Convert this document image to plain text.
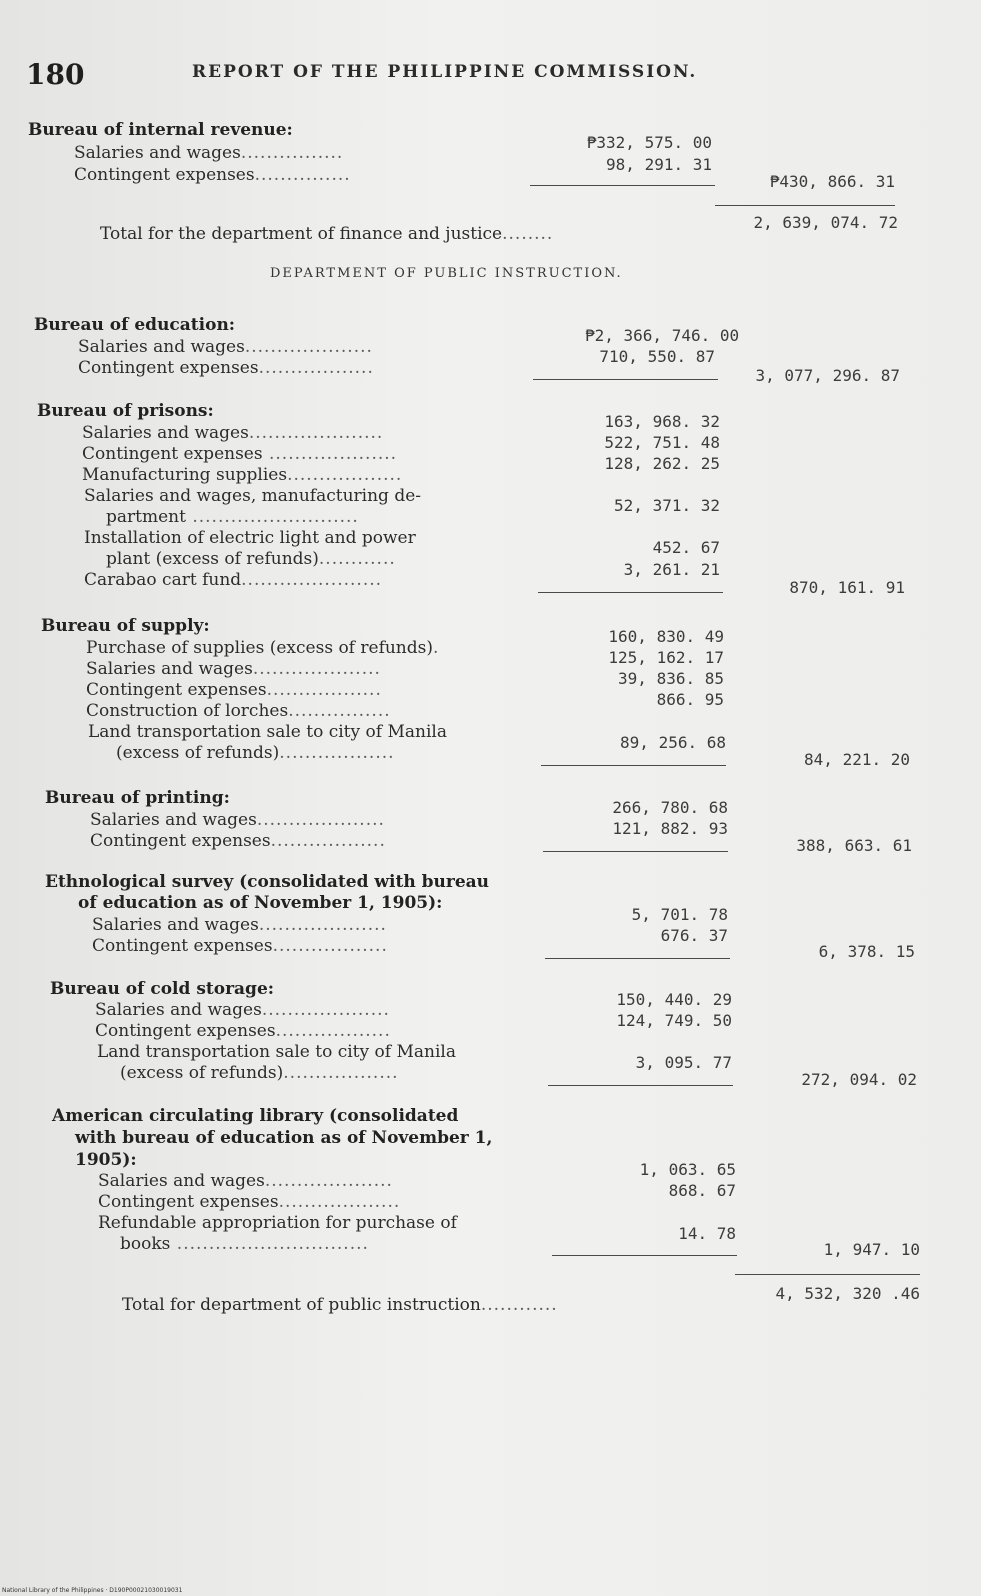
180	REPORT OF THE PHILIPPINE COMMISSION.
Bureau of internal revenue:
Salaries and wages................
₱332, 575. 00
Contingent expenses...............
98, 291. 31
₱430, 866. 31
Total for the department of finance and justice........
2, 639, 074. 72
DEPARTMENT OF PUBLIC INSTRUCTION.
Bureau of education:
Salaries and wages....................
₱2, 366, 746. 00
Contingent expenses..................
710, 550. 87
3, 077, 296. 87
Bureau of prisons:
Salaries and wages.....................
163, 968. 32
Contingent expenses ....................
522, 751. 48
Manufacturing supplies..................
128, 262. 25
Salaries and wages, manufacturing de-
partment ..........................
52, 371. 32
Installation of electric light and power
plant (excess of refunds)............
452. 67
Carabao cart fund......................
3, 261. 21
870, 161. 91
Bureau of supply:
Purchase of supplies (excess of refunds).
160, 830. 49
Salaries and wages....................
125, 162. 17
Contingent expenses..................
39, 836. 85
Construction of lorches................
866. 95
Land transportation sale to city of Manila
(excess of refunds)..................
89, 256. 68
84, 221. 20
Bureau of printing:
Salaries and wages....................
266, 780. 68
Contingent expenses..................
121, 882. 93
388, 663. 61
Ethnological survey (consolidated with bureau
of education as of November 1, 1905):
Salaries and wages....................
5, 701. 78
Contingent expenses..................
676. 37
6, 378. 15
Bureau of cold storage:
Salaries and wages....................
150, 440. 29
Contingent expenses..................
124, 749. 50
Land transportation sale to city of Manila
(excess of refunds)..................
3, 095. 77
272, 094. 02
American circulating library (consolidated
with bureau of education as of November 1,
1905):
Salaries and wages....................
1, 063. 65
Contingent expenses...................
868. 67
Refundable appropriation for purchase of
books ..............................
14. 78
1, 947. 10
Total for department of public instruction............
4, 532, 320 .46
National Library of the Philippines · D190P00021030019031
